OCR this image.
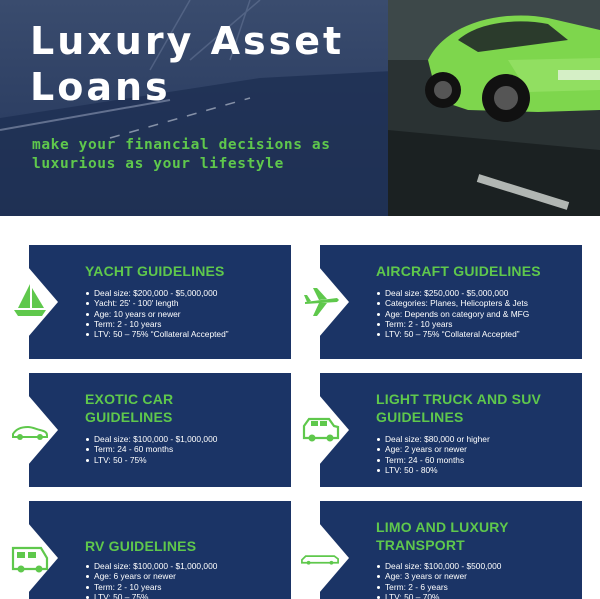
Luxury Asset
Loans
make your financial decisions as
luxurious as your lifestyle
YACHT GUIDELINES
Deal size: $200,000 - $5,000,000
Yacht: 25' - 100' length
Age: 10 years or newer
Term: 2 - 10 years
LTV: 50 – 75% “Collateral Accepted”
AIRCRAFT GUIDELINES
Deal size: $250,000 - $5,000,000
Categories: Planes, Helicopters & Jets
Age: Depends on category and & MFG
Term: 2 - 10 years
LTV: 50 – 75% “Collateral Accepted”
EXOTIC CAR
GUIDELINES
Deal size: $100,000 - $1,000,000
Term: 24 - 60 months
LTV: 50 - 75%
LIGHT TRUCK AND SUV
GUIDELINES
Deal size: $80,000 or higher
Age: 2 years or newer
Term: 24 - 60 months
LTV: 50 - 80%
RV GUIDELINES
Deal size: $100,000 - $1,000,000
Age: 6 years or newer
Term: 2 - 10 years
LTV: 50 – 75%
LIMO AND LUXURY
TRANSPORT
Deal size: $100,000 - $500,000
Age: 3 years or newer
Term: 2 - 6 years
LTV: 50 – 70%
